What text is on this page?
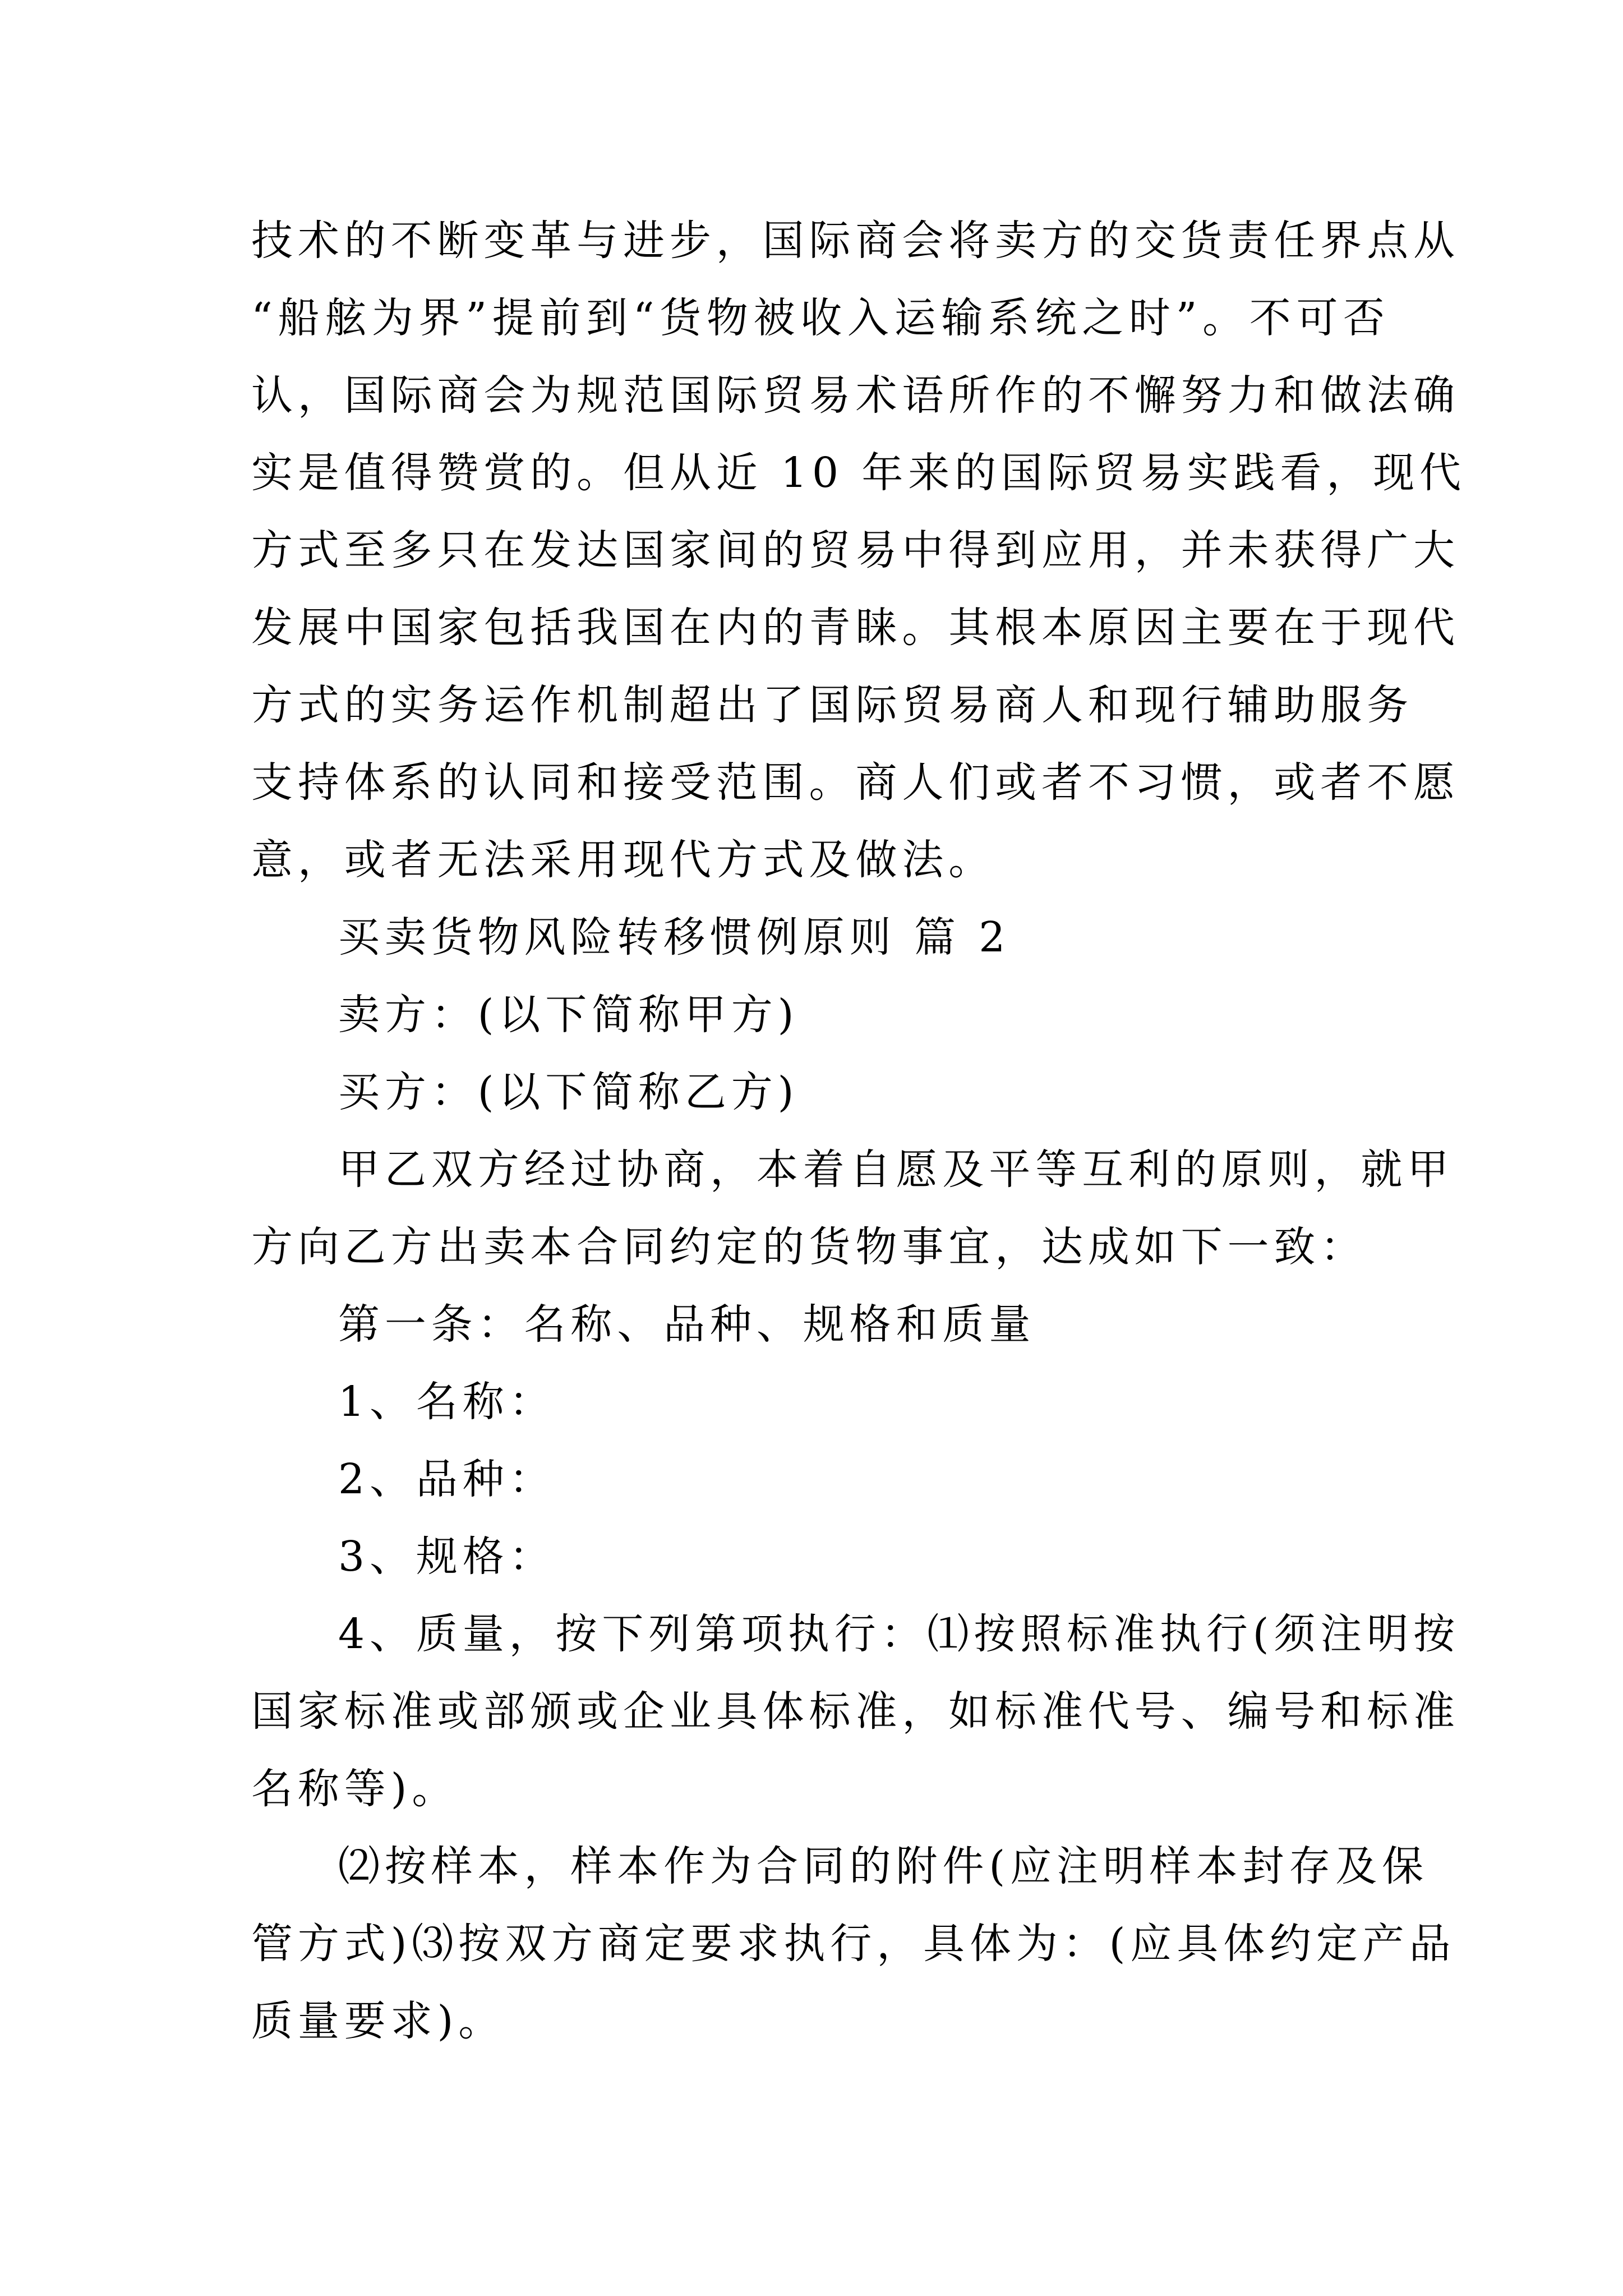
技术的不断变革与进步，国际商会将卖方的交货责任界点从
“船舷为界”提前到“货物被收入运输系统之时”。不可否
认，国际商会为规范国际贸易术语所作的不懈努力和做法确
实是值得赞赏的。但从近 10 年来的国际贸易实践看，现代
方式至多只在发达国家间的贸易中得到应用，并未获得广大
发展中国家包括我国在内的青睐。其根本原因主要在于现代
方式的实务运作机制超出了国际贸易商人和现行辅助服务
支持体系的认同和接受范围。商人们或者不习惯，或者不愿
意，或者无法采用现代方式及做法。
买卖货物风险转移惯例原则 篇 2
卖方：(以下简称甲方)
买方：(以下简称乙方)
甲乙双方经过协商，本着自愿及平等互利的原则，就甲
方向乙方出卖本合同约定的货物事宜，达成如下一致：
第一条：名称、品种、规格和质量
1、名称：
2、品种：
3、规格：
4、质量，按下列第项执行：⑴按照标准执行(须注明按
国家标准或部颁或企业具体标准，如标准代号、编号和标准
名称等)。
⑵按样本，样本作为合同的附件(应注明样本封存及保
管方式)⑶按双方商定要求执行，具体为：(应具体约定产品
质量要求)。
